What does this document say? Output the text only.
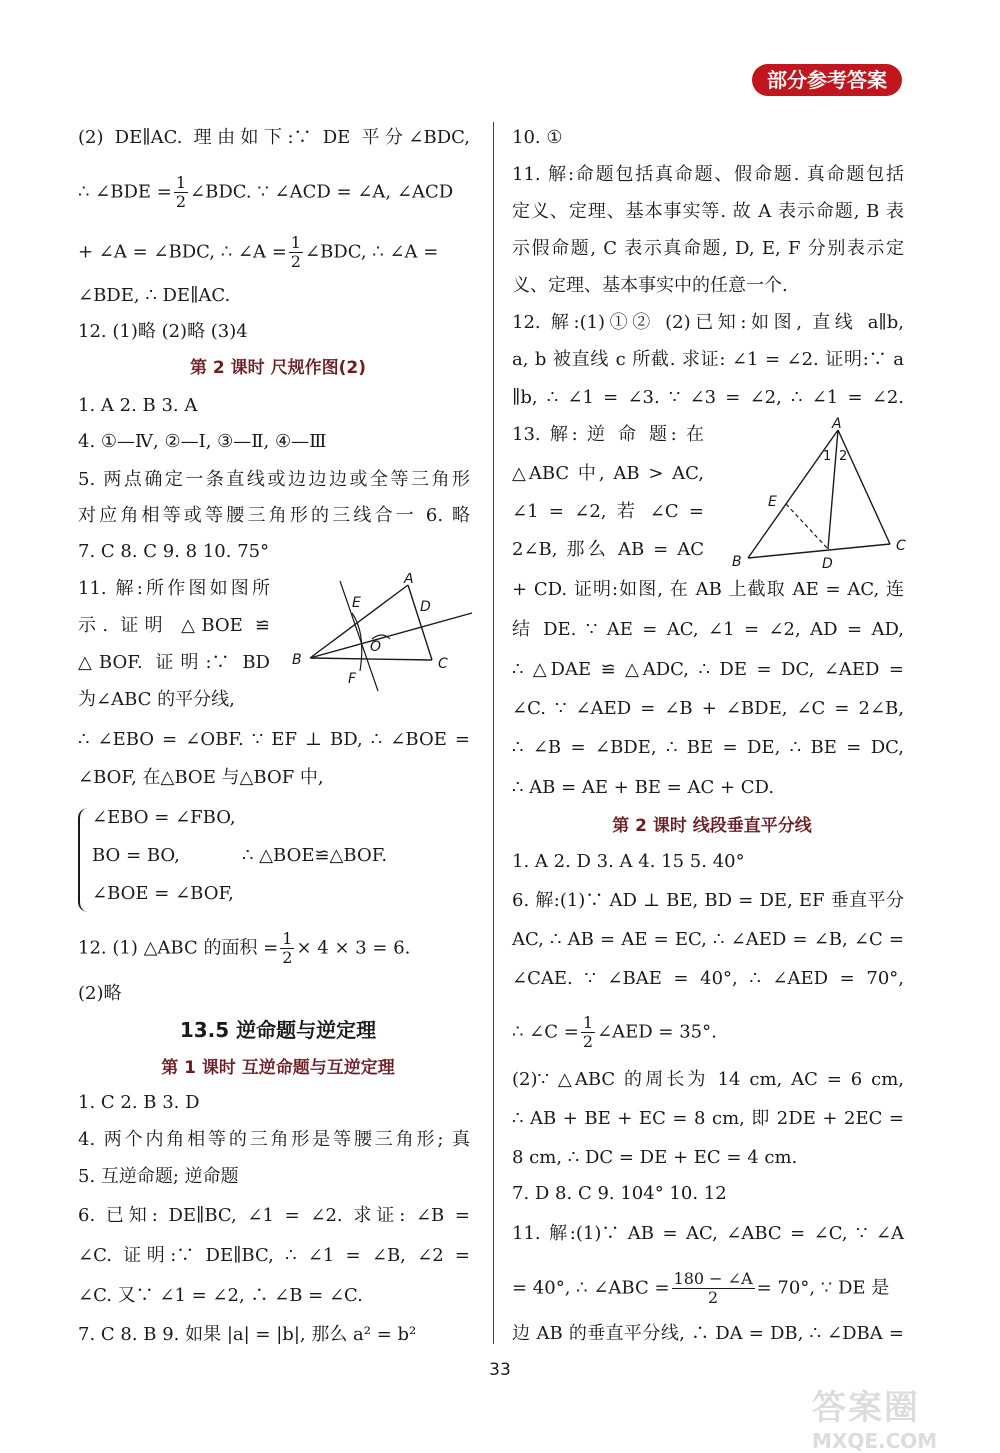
部分参考答案
(2) DE∥AC. 理由如下:∵ DE 平分∠BDC,
∴ ∠BDE = $\frac{1}{2}$ ∠BDC. ∵ ∠ACD = ∠A, ∠ACD
+ ∠A = ∠BDC, ∴ ∠A = $\frac{1}{2}$ ∠BDC, ∴ ∠A =
∠BDE, ∴ DE∥AC.
12. (1)略 (2)略 (3)4
第 2 课时 尺规作图(2)
1. A 2. B 3. A
4. ①—Ⅳ, ②—Ⅰ, ③—Ⅱ, ④—Ⅲ
5. 两点确定一条直线或边边边或全等三角形
对应角相等或等腰三角形的三线合一 6. 略
7. C 8. C 9. 8 10. 75°
11. 解:所作图如图所
示. 证明 △BOE ≌
△BOF. 证明:∵ BD
为∠ABC 的平分线,
A
B	C
D
E
F
O
∴ ∠EBO = ∠OBF. ∵ EF ⊥ BD, ∴ ∠BOE =
∠BOF, 在△BOE 与△BOF 中,
∠EBO = ∠FBO,
BO = BO,	∴ △BOE≌△BOF.
∠BOE = ∠BOF,
12. (1) △ABC 的面积 = $\frac{1}{2} \times 4 \times 3 = 6$.
(2)略
13.5 逆命题与逆定理
第 1 课时 互逆命题与互逆定理
1. C 2. B 3. D
4. 两个内角相等的三角形是等腰三角形; 真
5. 互逆命题; 逆命题
6. 已知: DE∥BC, ∠1 = ∠2. 求证: ∠B =
∠C. 证明:∵ DE∥BC, ∴ ∠1 = ∠B, ∠2 =
∠C. 又∵ ∠1 = ∠2, ∴ ∠B = ∠C.
7. C 8. B 9. 如果 |a| = |b|, 那么 a² = b²
10. ①
11. 解:命题包括真命题、假命题. 真命题包括
定义、定理、基本事实等. 故 A 表示命题, B 表
示假命题, C 表示真命题, D, E, F 分别表示定
义、定理、基本事实中的任意一个.
12. 解:(1)①② (2)已知:如图, 直线 a∥b,
a, b 被直线 c 所截. 求证: ∠1 = ∠2. 证明:∵ a
∥b, ∴ ∠1 = ∠3. ∵ ∠3 = ∠2, ∴ ∠1 = ∠2.
13. 解: 逆 命 题: 在
△ABC 中, AB > AC,
∠1 = ∠2, 若 ∠C =
2∠B, 那么 AB = AC
A
B
C
D
E
1 2
+ CD. 证明:如图, 在 AB 上截取 AE = AC, 连
结 DE. ∵ AE = AC, ∠1 = ∠2, AD = AD,
∴ △DAE ≌ △ADC, ∴ DE = DC, ∠AED =
∠C. ∵ ∠AED = ∠B + ∠BDE, ∠C = 2∠B,
∴ ∠B = ∠BDE, ∴ BE = DE, ∴ BE = DC,
∴ AB = AE + BE = AC + CD.
第 2 课时 线段垂直平分线
1. A 2. D 3. A 4. 15 5. 40°
6. 解:(1)∵ AD ⊥ BE, BD = DE, EF 垂直平分
AC, ∴ AB = AE = EC, ∴ ∠AED = ∠B, ∠C =
∠CAE. ∵ ∠BAE = 40°, ∴ ∠AED = 70°,
∴ ∠C = $\frac{1}{2}$ ∠AED = 35°.
(2)∵ △ABC 的周长为 14 cm, AC = 6 cm,
∴ AB + BE + EC = 8 cm, 即 2DE + 2EC =
8 cm, ∴ DC = DE + EC = 4 cm.
7. D 8. C 9. 104° 10. 12
11. 解:(1)∵ AB = AC, ∠ABC = ∠C, ∵ ∠A
= 40°, ∴ ∠ABC = $\frac{180 - \angle A}{2} = 70^\circ$, ∵ DE 是
边 AB 的垂直平分线, ∴ DA = DB, ∴ ∠DBA =
33
答案圈
MXQE.COM
